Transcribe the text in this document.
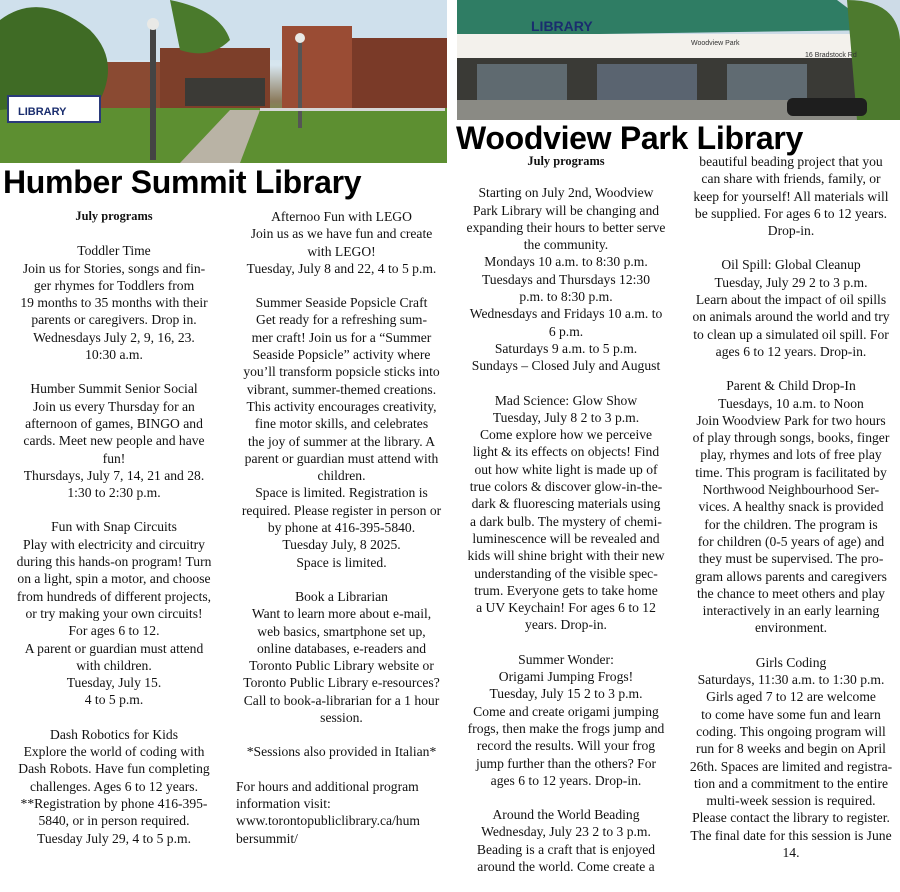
LIBRARY
LIBRARY
Woodview Park
16 Bradstock Rd
Humber Summit Library
Woodview Park Library
July programs
Toddler Time
Join us for Stories, songs and fin-
ger rhymes for Toddlers from
19 months to 35 months with their
parents or caregivers. Drop in.
Wednesdays July 2, 9, 16, 23.
10:30 a.m.
Humber Summit Senior Social
Join us every Thursday for an
afternoon of games, BINGO and
cards. Meet new people and have
fun!
Thursdays, July 7, 14, 21 and 28.
1:30 to 2:30 p.m.
Fun with Snap Circuits
Play with electricity and circuitry
during this hands-on program! Turn
on a light, spin a motor, and choose
from hundreds of different projects,
or try making your own circuits!
For ages 6 to 12.
A parent or guardian must attend
with children.
Tuesday, July 15.
4 to 5 p.m.
Dash Robotics for Kids
Explore the world of coding with
Dash Robots. Have fun completing
challenges. Ages 6 to 12 years.
**Registration by phone 416-395-
5840, or in person required.
Tuesday July 29, 4 to 5 p.m.
Afternoo Fun with LEGO
Join us as we have fun and create
with LEGO!
Tuesday, July 8 and 22, 4 to 5 p.m.
Summer Seaside Popsicle Craft
Get ready for a refreshing sum-
mer craft! Join us for a “Summer
Seaside Popsicle” activity where
you’ll transform popsicle sticks into
vibrant, summer-themed creations.
This activity encourages creativity,
fine motor skills, and celebrates
the joy of summer at the library. A
parent or guardian must attend with
children.
Space is limited. Registration is
required. Please register in person or
by phone at 416-395-5840.
Tuesday July, 8 2025.
Space is limited.
Book a Librarian
Want to learn more about e-mail,
web basics, smartphone set up,
online databases, e-readers and
Toronto Public Library website or
Toronto Public Library e-resources?
Call to book-a-librarian for a 1 hour
session.
*Sessions also provided in Italian*
For hours and additional program
information visit:
www.torontopubliclibrary.ca/hum
bersummit/
July programs
Starting on July 2nd, Woodview
Park Library will be changing and
expanding their hours to better serve
the community.
Mondays 10 a.m. to 8:30 p.m.
Tuesdays and Thursdays 12:30
p.m. to 8:30 p.m.
Wednesdays and Fridays 10 a.m. to
6 p.m.
Saturdays 9 a.m. to 5 p.m.
Sundays – Closed July and August
Mad Science: Glow Show
Tuesday, July 8 2 to 3 p.m.
Come explore how we perceive
light & its effects on objects! Find
out how white light is made up of
true colors & discover glow-in-the-
dark & fluorescing materials using
a dark bulb. The mystery of chemi-
luminescence will be revealed and
kids will shine bright with their new
understanding of the visible spec-
trum. Everyone gets to take home
a UV Keychain! For ages 6 to 12
years. Drop-in.
Summer Wonder:
Origami Jumping Frogs!
Tuesday, July 15 2 to 3 p.m.
Come and create origami jumping
frogs, then make the frogs jump and
record the results. Will your frog
jump further than the others? For
ages 6 to 12 years. Drop-in.
Around the World Beading
Wednesday, July 23 2 to 3 p.m.
Beading is a craft that is enjoyed
around the world. Come create a
beautiful beading project that you
can share with friends, family, or
keep for yourself! All materials will
be supplied. For ages 6 to 12 years.
Drop-in.
Oil Spill: Global Cleanup
Tuesday, July 29 2 to 3 p.m.
Learn about the impact of oil spills
on animals around the world and try
to clean up a simulated oil spill. For
ages 6 to 12 years. Drop-in.
Parent & Child Drop-In
Tuesdays, 10 a.m. to Noon
Join Woodview Park for two hours
of play through songs, books, finger
play, rhymes and lots of free play
time. This program is facilitated by
Northwood Neighbourhood Ser-
vices. A healthy snack is provided
for the children. The program is
for children (0-5 years of age) and
they must be supervised. The pro-
gram allows parents and caregivers
the chance to meet others and play
interactively in an early learning
environment.
Girls Coding
Saturdays, 11:30 a.m. to 1:30 p.m.
Girls aged 7 to 12 are welcome
to come have some fun and learn
coding. This ongoing program will
run for 8 weeks and begin on April
26th. Spaces are limited and registra-
tion and a commitment to the entire
multi-week session is required.
Please contact the library to register.
The final date for this session is June
14.
